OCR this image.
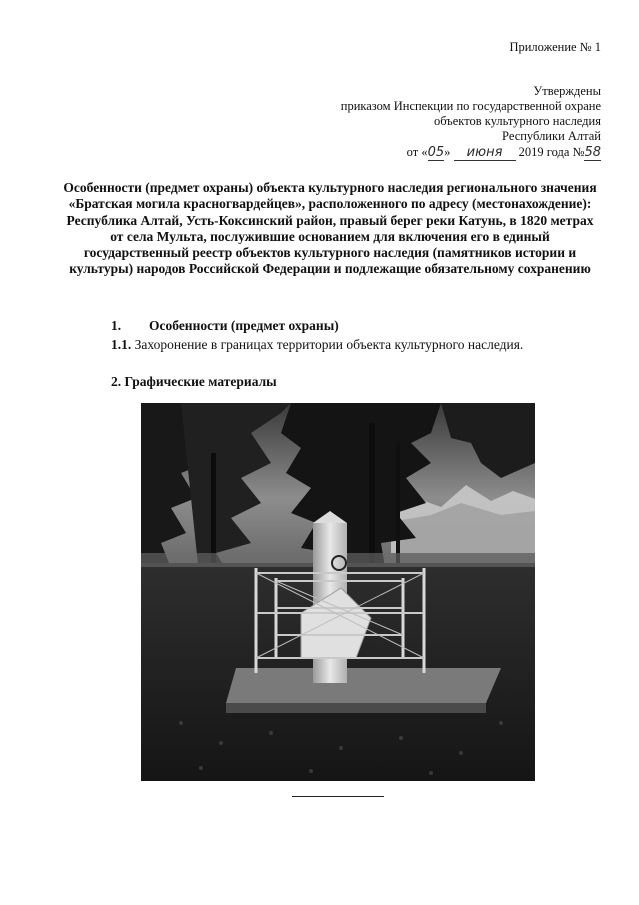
Приложение № 1
Утверждены
приказом Инспекции по государственной охране
объектов культурного наследия
Республики Алтай
от «05» июня 2019 года №58
Особенности (предмет охраны) объекта культурного наследия регионального значения «Братская могила красногвардейцев», расположенного по адресу (местонахождение): Республика Алтай, Усть-Коксинский район, правый берег реки Катунь, в 1820 метрах от села Мульта, послужившие основанием для включения его в единый государственный реестр объектов культурного наследия (памятников истории и культуры) народов Российской Федерации и подлежащие обязательному сохранению
1. Особенности (предмет охраны)
1.1. Захоронение в границах территории объекта культурного наследия.
2. Графические материалы
